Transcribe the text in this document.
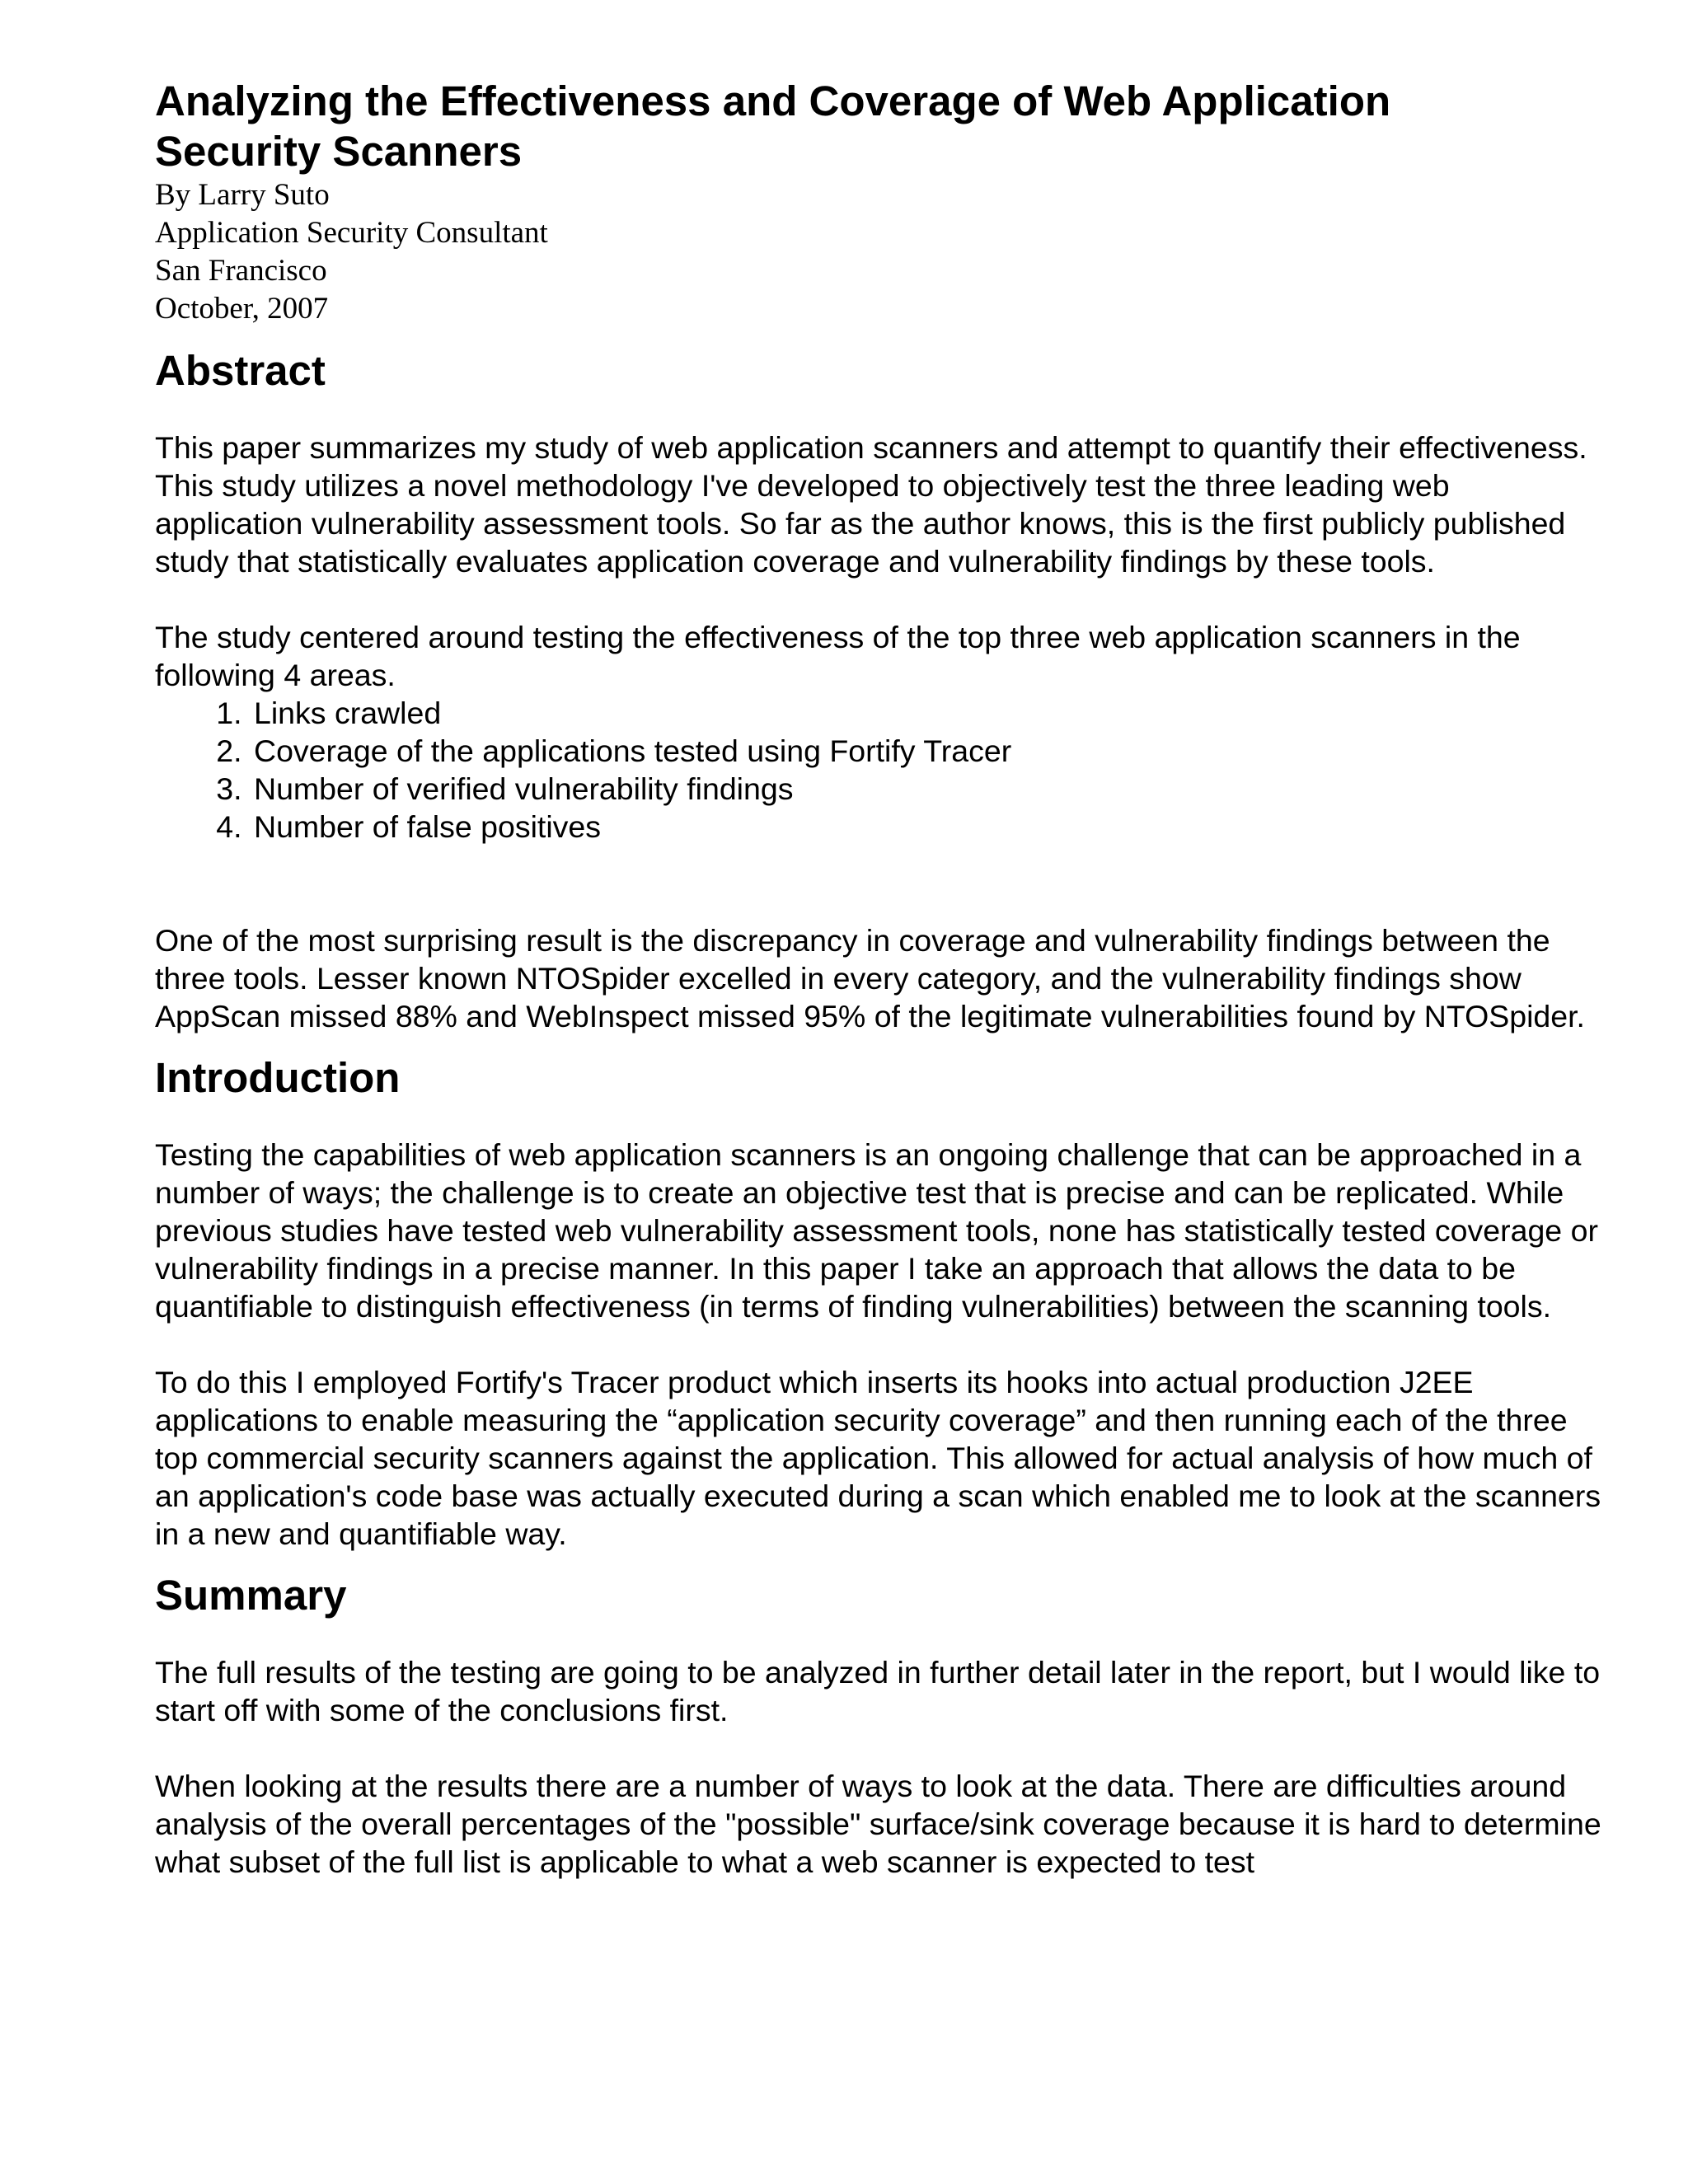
Analyzing the Effectiveness and Coverage of Web Application Security Scanners
By Larry Suto
Application Security Consultant
San Francisco
October, 2007
Abstract

This paper summarizes my study of web application scanners and attempt to quantify their effectiveness. This study utilizes a novel methodology I've developed to objectively test the three leading web application vulnerability assessment tools. So far as the author knows, this is the first publicly published study that statistically evaluates application coverage and vulnerability findings by these tools.

The study centered around testing the effectiveness of the top three web application scanners in the following 4 areas.

1. Links crawled
2. Coverage of the applications tested using Fortify Tracer
3. Number of verified vulnerability findings
4. Number of false positives

One of the most surprising result is the discrepancy in coverage and vulnerability findings between the three tools. Lesser known NTOSpider excelled in every category, and the vulnerability findings show AppScan missed 88% and WebInspect missed 95% of the legitimate vulnerabilities found by NTOSpider.

Introduction

Testing the capabilities of web application scanners is an ongoing challenge that can be approached in a number of ways; the challenge is to create an objective test that is precise and can be replicated. While previous studies have tested web vulnerability assessment tools, none has statistically tested coverage or vulnerability findings in a precise manner. In this paper I take an approach that allows the data to be quantifiable to distinguish effectiveness (in terms of finding vulnerabilities) between the scanning tools.

To do this I employed Fortify's Tracer product which inserts its hooks into actual production J2EE applications to enable measuring the “application security coverage” and then running each of the three top commercial security scanners against the application. This allowed for actual analysis of how much of an application's code base was actually executed during a scan which enabled me to look at the scanners in a new and quantifiable way.

Summary

The full results of the testing are going to be analyzed in further detail later in the report, but I would like to start off with some of the conclusions first.

When looking at the results there are a number of ways to look at the data. There are difficulties around analysis of the overall percentages of the "possible" surface/sink coverage because it is hard to determine what subset of the full list is applicable to what a web scanner is expected to test
